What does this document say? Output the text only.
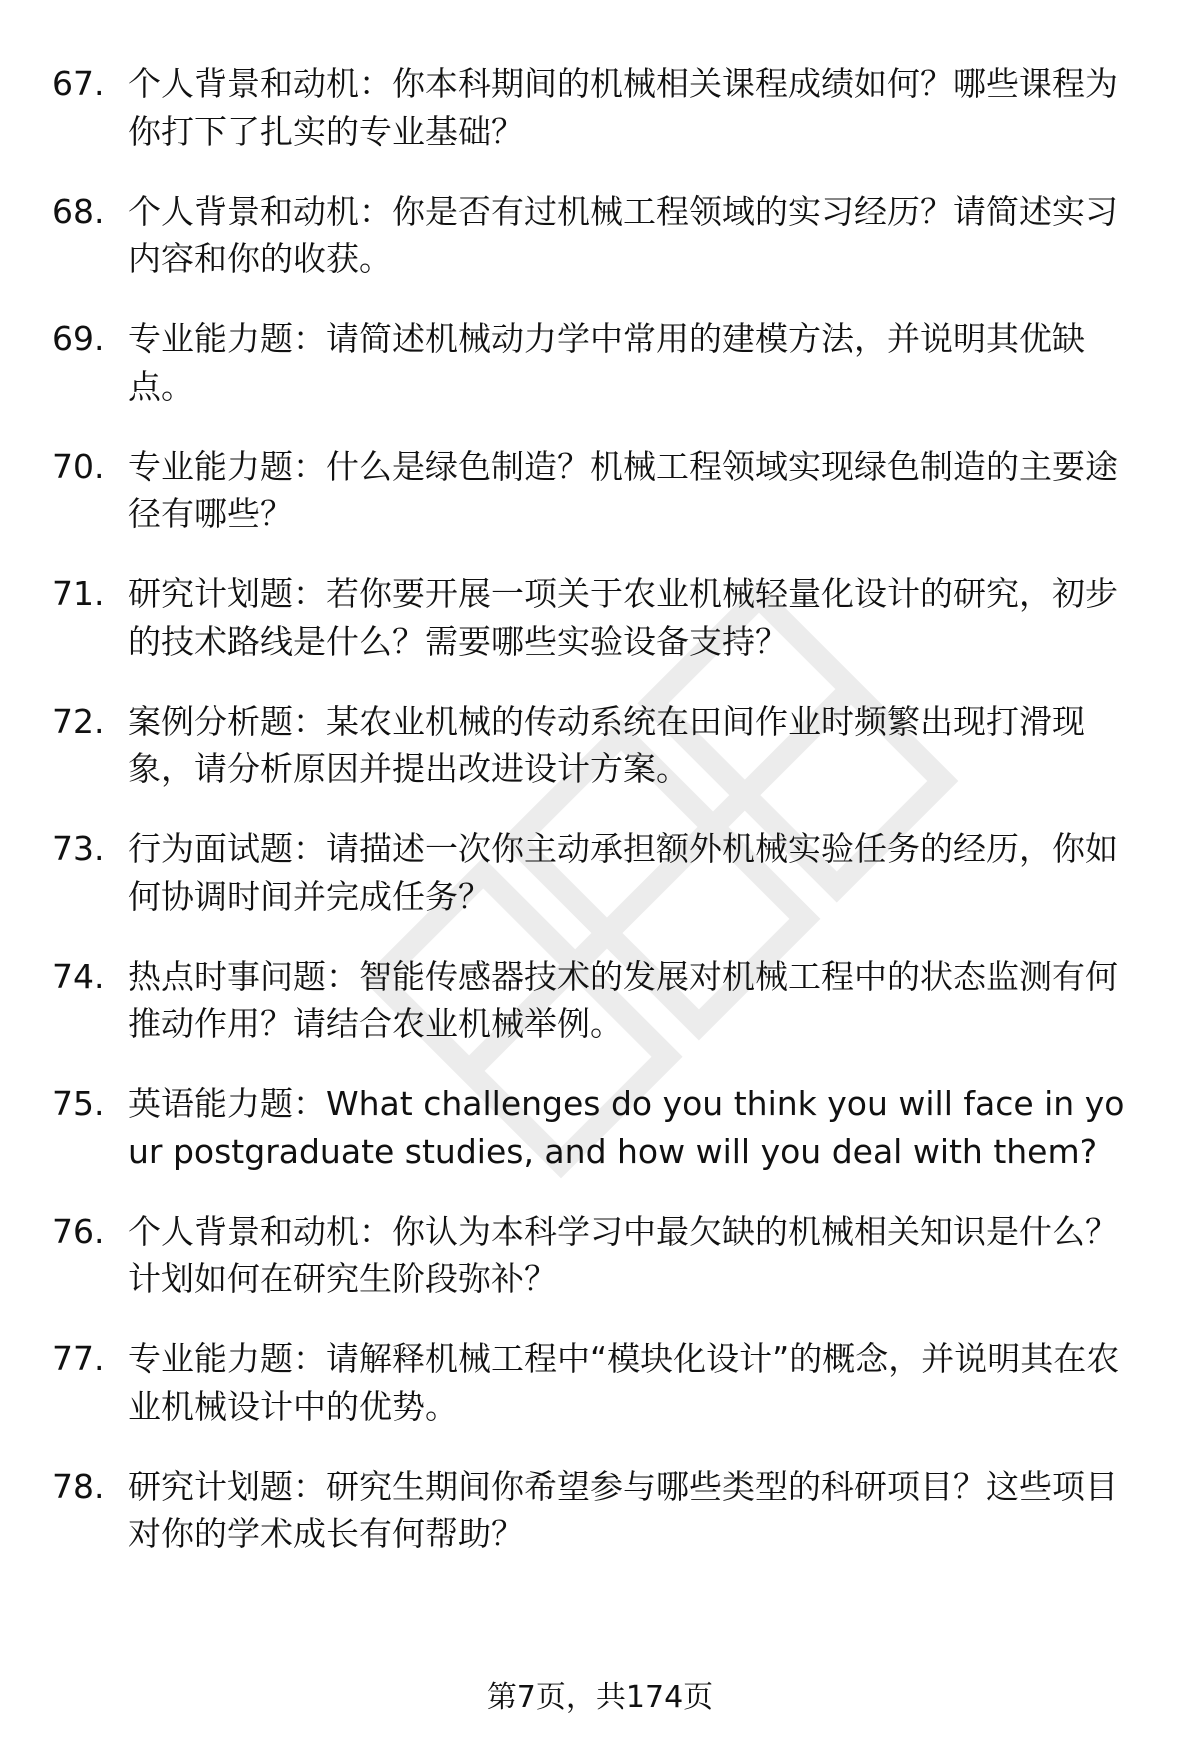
67. 个人背景和动机：你本科期间的机械相关课程成绩如何？哪些课程为你打下了扎实的专业基础？
68. 个人背景和动机：你是否有过机械工程领域的实习经历？请简述实习内容和你的收获。
69. 专业能力题：请简述机械动力学中常用的建模方法，并说明其优缺点。
70. 专业能力题：什么是绿色制造？机械工程领域实现绿色制造的主要途径有哪些？
71. 研究计划题：若你要开展一项关于农业机械轻量化设计的研究，初步的技术路线是什么？需要哪些实验设备支持？
72. 案例分析题：某农业机械的传动系统在田间作业时频繁出现打滑现象，请分析原因并提出改进设计方案。
73. 行为面试题：请描述一次你主动承担额外机械实验任务的经历，你如何协调时间并完成任务？
74. 热点时事问题：智能传感器技术的发展对机械工程中的状态监测有何推动作用？请结合农业机械举例。
75. 英语能力题：What challenges do you think you will face in your postgraduate studies, and how will you deal with them?
76. 个人背景和动机：你认为本科学习中最欠缺的机械相关知识是什么？计划如何在研究生阶段弥补？
77. 专业能力题：请解释机械工程中“模块化设计”的概念，并说明其在农业机械设计中的优势。
78. 研究计划题：研究生期间你希望参与哪些类型的科研项目？这些项目对你的学术成长有何帮助？
第7页，共174页
